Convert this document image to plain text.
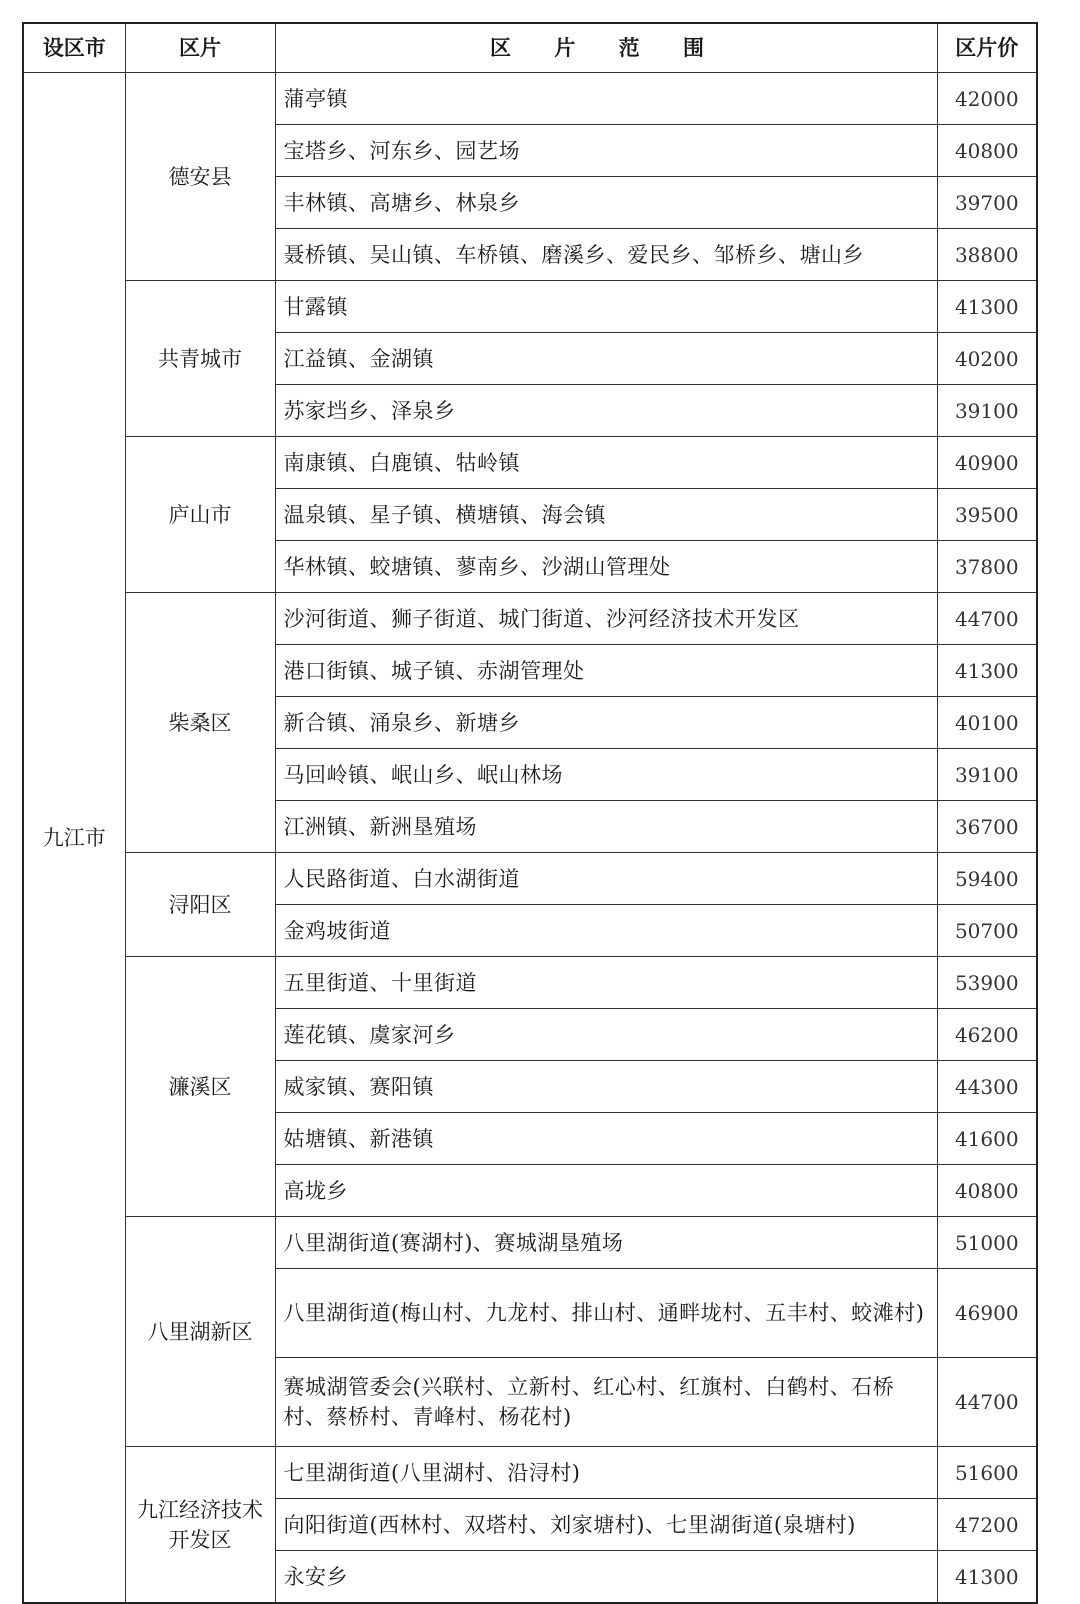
设区市	区片	区 片 范 围	区片价
九江市	德安县	蒲亭镇	42000
		宝塔乡、河东乡、园艺场	40800
		丰林镇、高塘乡、林泉乡	39700
		聂桥镇、吴山镇、车桥镇、磨溪乡、爱民乡、邹桥乡、塘山乡	38800
	共青城市	甘露镇	41300
		江益镇、金湖镇	40200
		苏家垱乡、泽泉乡	39100
	庐山市	南康镇、白鹿镇、牯岭镇	40900
		温泉镇、星子镇、横塘镇、海会镇	39500
		华林镇、蛟塘镇、蓼南乡、沙湖山管理处	37800
	柴桑区	沙河街道、狮子街道、城门街道、沙河经济技术开发区	44700
		港口街镇、城子镇、赤湖管理处	41300
		新合镇、涌泉乡、新塘乡	40100
		马回岭镇、岷山乡、岷山林场	39100
		江洲镇、新洲垦殖场	36700
	浔阳区	人民路街道、白水湖街道	59400
		金鸡坡街道	50700
	濂溪区	五里街道、十里街道	53900
		莲花镇、虞家河乡	46200
		威家镇、赛阳镇	44300
		姑塘镇、新港镇	41600
		高垅乡	40800
	八里湖新区	八里湖街道(赛湖村)、赛城湖垦殖场	51000
		八里湖街道(梅山村、九龙村、排山村、通畔垅村、五丰村、蛟滩村)	46900
		赛城湖管委会(兴联村、立新村、红心村、红旗村、白鹤村、石桥村、蔡桥村、青峰村、杨花村)	44700
	九江经济技术开发区	七里湖街道(八里湖村、沿浔村)	51600
		向阳街道(西林村、双塔村、刘家塘村)、七里湖街道(泉塘村)	47200
		永安乡	41300
